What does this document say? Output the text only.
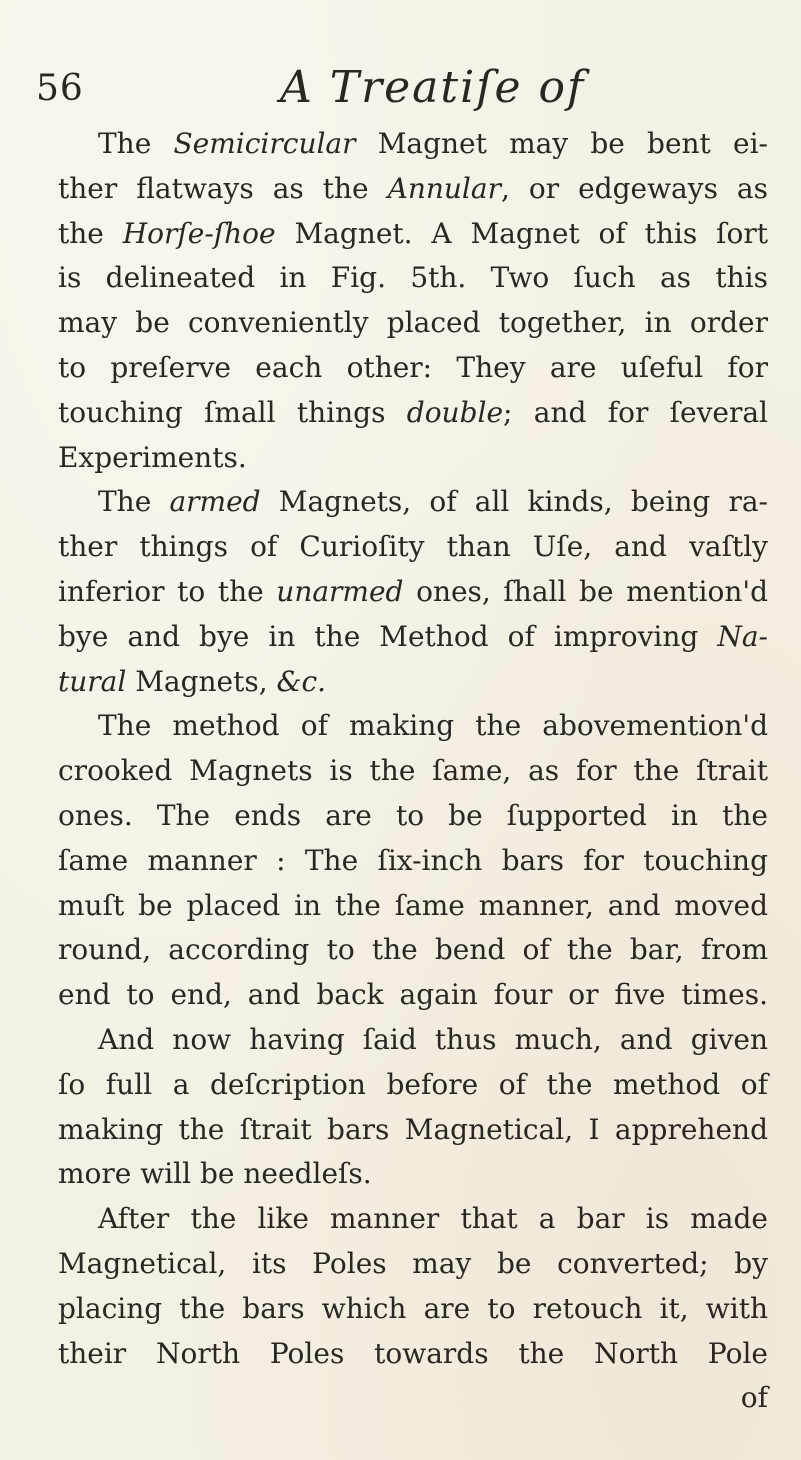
56	A Treatiſe of
The Semicircular Magnet may be bent ei-
ther flatways as the Annular, or edgeways as
the Horſe-ſhoe Magnet. A Magnet of this ſort
is delineated in Fig. 5th. Two ſuch as this
may be conveniently placed together, in order
to preſerve each other: They are uſeful for
touching ſmall things double; and for ſeveral
Experiments.
The armed Magnets, of all kinds, being ra-
ther things of Curioſity than Uſe, and vaſtly
inferior to the unarmed ones, ſhall be mention'd
bye and bye in the Method of improving Na-
tural Magnets, &c.
The method of making the abovemention'd
crooked Magnets is the ſame, as for the ſtrait
ones. The ends are to be ſupported in the
ſame manner : The ſix-inch bars for touching
muſt be placed in the ſame manner, and moved
round, according to the bend of the bar, from
end to end, and back again four or five times.
And now having ſaid thus much, and given
ſo full a deſcription before of the method of
making the ſtrait bars Magnetical, I apprehend
more will be needleſs.
After the like manner that a bar is made
Magnetical, its Poles may be converted; by
placing the bars which are to retouch it, with
their North Poles towards the North Pole
of
